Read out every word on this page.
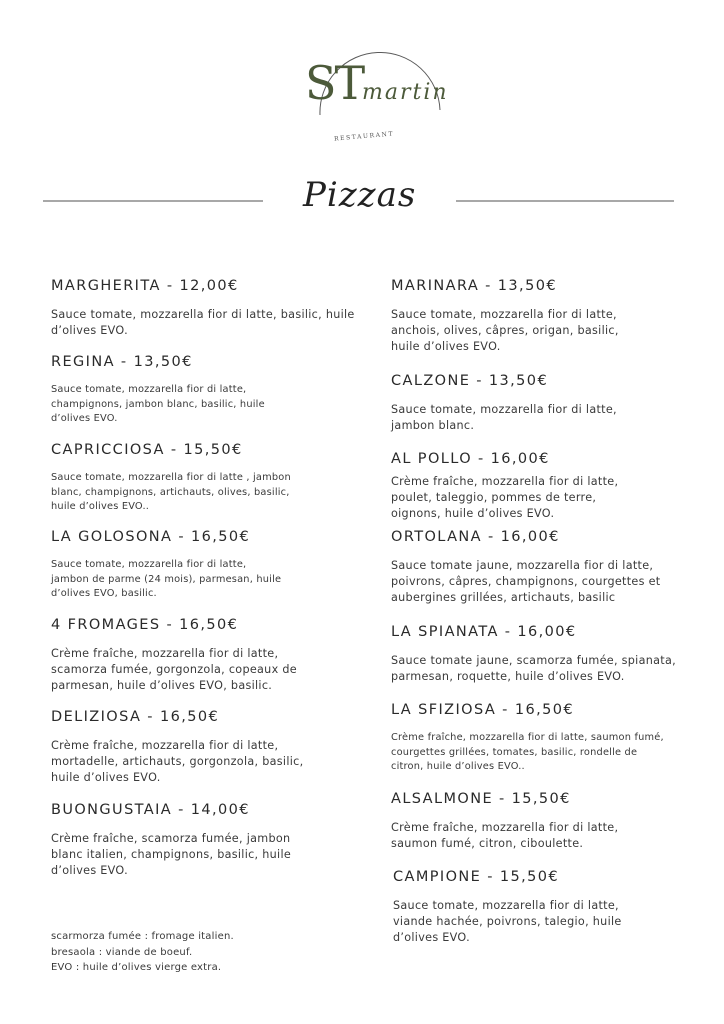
ST
martin
RESTAURANT
Pizzas
MARGHERITA - 12,00€
Sauce tomate, mozzarella fior di latte, basilic, huile d’olives EVO.
REGINA - 13,50€
Sauce tomate, mozzarella fior di latte, champignons, jambon blanc, basilic, huile d’olives EVO.
CAPRICCIOSA - 15,50€
Sauce tomate, mozzarella fior di latte , jambon blanc, champignons, artichauts, olives, basilic, huile d’olives EVO..
LA GOLOSONA - 16,50€
Sauce tomate, mozzarella fior di latte, jambon de parme (24 mois), parmesan, huile d’olives EVO, basilic.
4 FROMAGES - 16,50€
Crème fraîche, mozzarella fior di latte, scamorza fumée, gorgonzola, copeaux de parmesan, huile d’olives EVO, basilic.
DELIZIOSA - 16,50€
Crème fraîche, mozzarella fior di latte, mortadelle, artichauts, gorgonzola, basilic, huile d’olives EVO.
BUONGUSTAIA - 14,00€
Crème fraîche, scamorza fumée, jambon blanc italien, champignons, basilic, huile d’olives EVO.
MARINARA - 13,50€
Sauce tomate, mozzarella fior di latte, anchois, olives, câpres, origan, basilic, huile d’olives EVO.
CALZONE - 13,50€
Sauce tomate, mozzarella fior di latte, jambon blanc.
AL POLLO - 16,00€
Crème fraîche, mozzarella fior di latte, poulet, taleggio, pommes de terre, oignons, huile d’olives EVO.
ORTOLANA - 16,00€
Sauce tomate jaune, mozzarella fior di latte, poivrons, câpres, champignons, courgettes et aubergines grillées, artichauts, basilic
LA SPIANATA - 16,00€
Sauce tomate jaune, scamorza fumée, spianata, parmesan, roquette, huile d’olives EVO.
LA SFIZIOSA - 16,50€
Crème fraîche, mozzarella fior di latte, saumon fumé, courgettes grillées, tomates, basilic, rondelle de citron, huile d’olives EVO..
ALSALMONE - 15,50€
Crème fraîche, mozzarella fior di latte, saumon fumé, citron, ciboulette.
CAMPIONE - 15,50€
Sauce tomate, mozzarella fior di latte, viande hachée, poivrons, talegio, huile d’olives EVO.
scarmorza fumée : fromage italien.
bresaola : viande de boeuf.
EVO : huile d’olives vierge extra.
